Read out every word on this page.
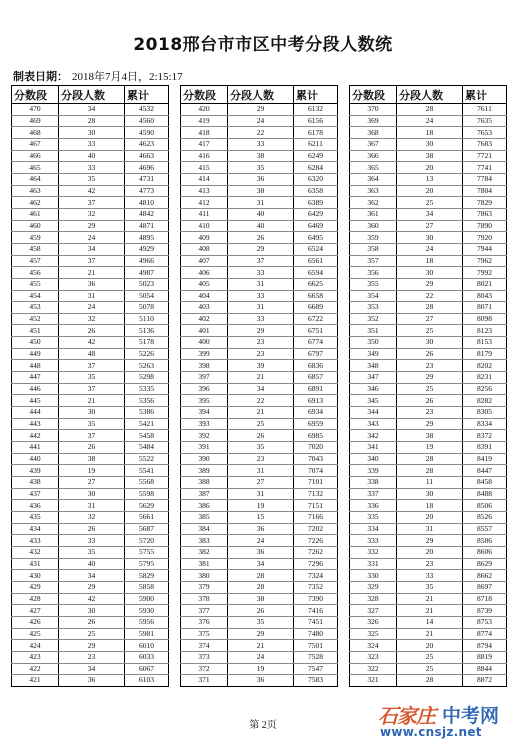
2018邢台市市区中考分段人数统
制表日期： 2018年7月4日，2:15:17
分数段	分段人数	累计
470	34	4532
469	28	4560
468	30	4590
467	33	4623
466	40	4663
465	33	4696
464	35	4731
463	42	4773
462	37	4810
461	32	4842
460	29	4871
459	24	4895
458	34	4929
457	37	4966
456	21	4987
455	36	5023
454	31	5054
453	24	5078
452	32	5110
451	26	5136
450	42	5178
449	48	5226
448	37	5263
447	35	5298
446	37	5335
445	21	5356
444	30	5386
443	35	5421
442	37	5458
441	26	5484
440	38	5522
439	19	5541
438	27	5568
437	30	5598
436	31	5629
435	32	5661
434	26	5687
433	33	5720
432	35	5755
431	40	5795
430	34	5829
429	29	5858
428	42	5900
427	30	5930
426	26	5956
425	25	5981
424	29	6010
423	23	6033
422	34	6067
421	36	6103
分数段	分段人数	累计
420	29	6132
419	24	6156
418	22	6178
417	33	6211
416	38	6249
415	35	6284
414	36	6320
413	38	6358
412	31	6389
411	40	6429
410	40	6469
409	26	6495
408	29	6524
407	37	6561
406	33	6594
405	31	6625
404	33	6658
403	31	6689
402	33	6722
401	29	6751
400	23	6774
399	23	6797
398	39	6836
397	21	6857
396	34	6891
395	22	6913
394	21	6934
393	25	6959
392	26	6985
391	35	7020
390	23	7043
389	31	7074
388	27	7101
387	31	7132
386	19	7151
385	15	7166
384	36	7202
383	24	7226
382	36	7262
381	34	7296
380	28	7324
379	28	7352
378	38	7390
377	26	7416
376	35	7451
375	29	7480
374	21	7501
373	24	7528
372	19	7547
371	36	7583
分数段	分段人数	累计
370	28	7611
369	24	7635
368	18	7653
367	30	7683
366	38	7721
365	20	7741
364	13	7784
363	20	7804
362	25	7829
361	34	7863
360	27	7890
359	30	7920
358	24	7944
357	18	7962
356	30	7992
355	29	8021
354	22	8043
353	28	8071
352	27	8098
351	25	8123
350	30	8153
349	26	8179
348	23	8202
347	29	8231
346	25	8256
345	26	8282
344	23	8305
343	29	8334
342	38	8372
341	19	8391
340	28	8419
339	28	8447
338	11	8458
337	30	8488
336	18	8506
335	20	8526
334	31	8557
333	29	8586
332	20	8606
331	23	8629
330	33	8662
329	35	8697
328	21	8718
327	21	8739
326	14	8753
325	21	8774
324	20	8794
323	25	8819
322	25	8844
321	28	8872
第 2页	石家庄 中考网
www.cnsjz.net
